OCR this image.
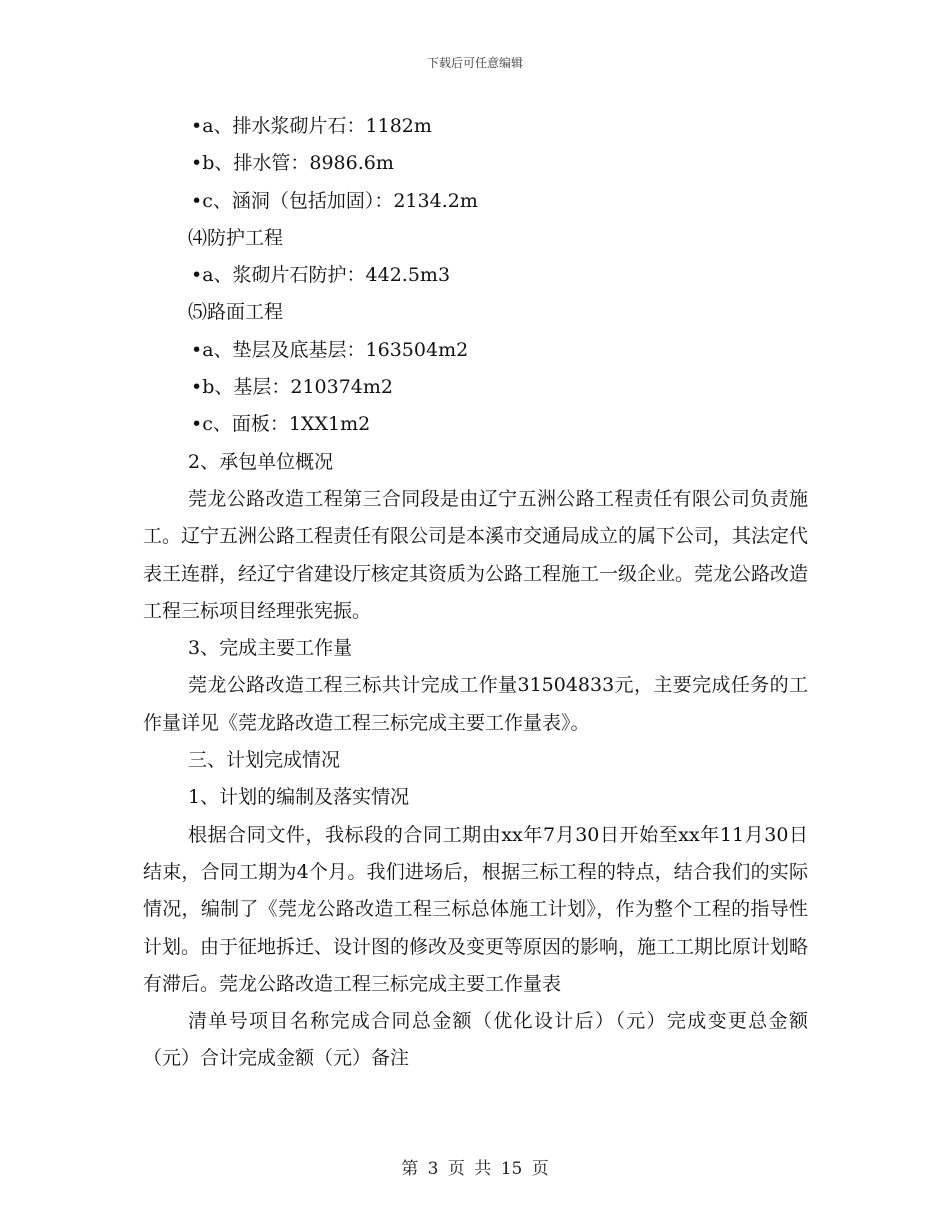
下载后可任意编辑
•a、排水浆砌片石：1182m
•b、排水管：8986.6m
•c、涵洞（包括加固）：2134.2m
⑷防护工程
•a、浆砌片石防护：442.5m3
⑸路面工程
•a、垫层及底基层：163504m2
•b、基层：210374m2
•c、面板：1XX1m2
2、承包单位概况
莞龙公路改造工程第三合同段是由辽宁五洲公路工程责任有限公司负责施工。辽宁五洲公路工程责任有限公司是本溪市交通局成立的属下公司，其法定代表王连群，经辽宁省建设厅核定其资质为公路工程施工一级企业。莞龙公路改造工程三标项目经理张宪振。
3、完成主要工作量
莞龙公路改造工程三标共计完成工作量31504833元，主要完成任务的工作量详见《莞龙路改造工程三标完成主要工作量表》。
三、计划完成情况
1、计划的编制及落实情况
根据合同文件，我标段的合同工期由xx年7月30日开始至xx年11月30日结束，合同工期为4个月。我们进场后，根据三标工程的特点，结合我们的实际情况，编制了《莞龙公路改造工程三标总体施工计划》，作为整个工程的指导性计划。由于征地拆迁、设计图的修改及变更等原因的影响，施工工期比原计划略有滞后。莞龙公路改造工程三标完成主要工作量表
清单号项目名称完成合同总金额（优化设计后）（元）完成变更总金额（元）合计完成金额（元）备注
第 3 页 共 15 页
